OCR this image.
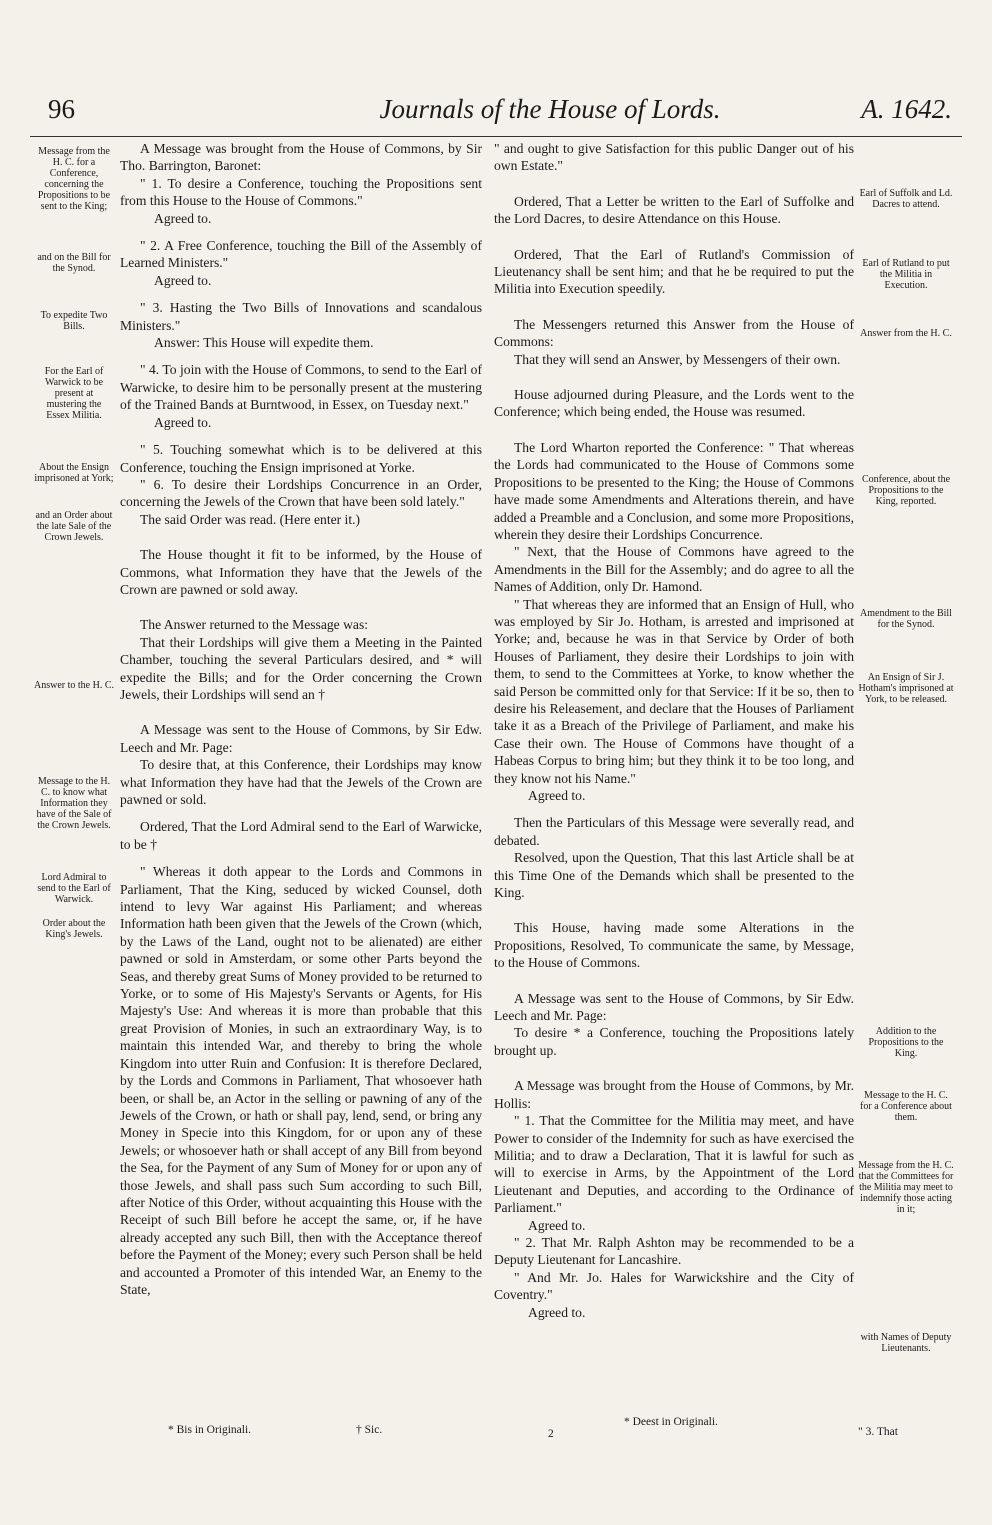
96	Journals of the House of Lords.	A. 1642.
Message from the H. C. for a Conference, concerning the Propositions to be sent to the King;
and on the Bill for the Synod.
To expedite Two Bills.
For the Earl of Warwick to be present at mustering the Essex Militia.
About the Ensign imprisoned at York;
and an Order about the late Sale of the Crown Jewels.
Answer to the H. C.
Message to the H. C. to know what Information they have of the Sale of the Crown Jewels.
Lord Admiral to send to the Earl of Warwick.
Order about the King's Jewels.

A Message was brought from the House of Commons, by Sir Tho. Barrington, Baronet:

" 1. To desire a Conference, touching the Propositions sent from this House to the House of Commons."

Agreed to.

" 2. A Free Conference, touching the Bill of the Assembly of Learned Ministers."

Agreed to.

" 3. Hasting the Two Bills of Innovations and scandalous Ministers."

Answer: This House will expedite them.

" 4. To join with the House of Commons, to send to the Earl of Warwicke, to desire him to be personally present at the mustering of the Trained Bands at Burntwood, in Essex, on Tuesday next."

Agreed to.

" 5. Touching somewhat which is to be delivered at this Conference, touching the Ensign imprisoned at Yorke.

" 6. To desire their Lordships Concurrence in an Order, concerning the Jewels of the Crown that have been sold lately."

The said Order was read. (Here enter it.)

The House thought it fit to be informed, by the House of Commons, what Information they have that the Jewels of the Crown are pawned or sold away.

The Answer returned to the Message was:

That their Lordships will give them a Meeting in the Painted Chamber, touching the several Particulars desired, and * will expedite the Bills; and for the Order concerning the Crown Jewels, their Lordships will send an †

A Message was sent to the House of Commons, by Sir Edw. Leech and Mr. Page:

To desire that, at this Conference, their Lordships may know what Information they have had that the Jewels of the Crown are pawned or sold.

Ordered, That the Lord Admiral send to the Earl of Warwicke, to be †

" Whereas it doth appear to the Lords and Commons in Parliament, That the King, seduced by wicked Counsel, doth intend to levy War against His Parliament; and whereas Information hath been given that the Jewels of the Crown (which, by the Laws of the Land, ought not to be alienated) are either pawned or sold in Amsterdam, or some other Parts beyond the Seas, and thereby great Sums of Money provided to be returned to Yorke, or to some of His Majesty's Servants or Agents, for His Majesty's Use: And whereas it is more than probable that this great Provision of Monies, in such an extraordinary Way, is to maintain this intended War, and thereby to bring the whole Kingdom into utter Ruin and Confusion: It is therefore Declared, by the Lords and Commons in Parliament, That whosoever hath been, or shall be, an Actor in the selling or pawning of any of the Jewels of the Crown, or hath or shall pay, lend, send, or bring any Money in Specie into this Kingdom, for or upon any of these Jewels; or whosoever hath or shall accept of any Bill from beyond the Sea, for the Payment of any Sum of Money for or upon any of those Jewels, and shall pass such Sum according to such Bill, after Notice of this Order, without acquainting this House with the Receipt of such Bill before he accept the same, or, if he have already accepted any such Bill, then with the Acceptance thereof before the Payment of the Money; every such Person shall be held and accounted a Promoter of this intended War, an Enemy to the State,

" and ought to give Satisfaction for this public Danger out of his own Estate."

Ordered, That a Letter be written to the Earl of Suffolke and the Lord Dacres, to desire Attendance on this House.

Ordered, That the Earl of Rutland's Commission of Lieutenancy shall be sent him; and that he be required to put the Militia into Execution speedily.

The Messengers returned this Answer from the House of Commons:

That they will send an Answer, by Messengers of their own.

House adjourned during Pleasure, and the Lords went to the Conference; which being ended, the House was resumed.

The Lord Wharton reported the Conference: " That whereas the Lords had communicated to the House of Commons some Propositions to be presented to the King; the House of Commons have made some Amendments and Alterations therein, and have added a Preamble and a Conclusion, and some more Propositions, wherein they desire their Lordships Concurrence.

" Next, that the House of Commons have agreed to the Amendments in the Bill for the Assembly; and do agree to all the Names of Addition, only Dr. Hamond.

" That whereas they are informed that an Ensign of Hull, who was employed by Sir Jo. Hotham, is arrested and imprisoned at Yorke; and, because he was in that Service by Order of both Houses of Parliament, they desire their Lordships to join with them, to send to the Committees at Yorke, to know whether the said Person be committed only for that Service: If it be so, then to desire his Releasement, and declare that the Houses of Parliament take it as a Breach of the Privilege of Parliament, and make his Case their own. The House of Commons have thought of a Habeas Corpus to bring him; but they think it to be too long, and they know not his Name."

Agreed to.

Then the Particulars of this Message were severally read, and debated.

Resolved, upon the Question, That this last Article shall be at this Time One of the Demands which shall be presented to the King.

This House, having made some Alterations in the Propositions, Resolved, To communicate the same, by Message, to the House of Commons.

A Message was sent to the House of Commons, by Sir Edw. Leech and Mr. Page:

To desire * a Conference, touching the Propositions lately brought up.

A Message was brought from the House of Commons, by Mr. Hollis:

" 1. That the Committee for the Militia may meet, and have Power to consider of the Indemnity for such as have exercised the Militia; and to draw a Declaration, That it is lawful for such as will to exercise in Arms, by the Appointment of the Lord Lieutenant and Deputies, and according to the Ordinance of Parliament."

Agreed to.

" 2. That Mr. Ralph Ashton may be recommended to be a Deputy Lieutenant for Lancashire.

" And Mr. Jo. Hales for Warwickshire and the City of Coventry."

Agreed to.

Earl of Suffolk and Ld. Dacres to attend.
Earl of Rutland to put the Militia in Execution.
Answer from the H. C.
Conference, about the Propositions to the King, reported.
Amendment to the Bill for the Synod.
An Ensign of Sir J. Hotham's imprisoned at York, to be released.
Addition to the Propositions to the King.
Message to the H. C. for a Conference about them.
Message from the H. C. that the Committees for the Militia may meet to indemnify those acting in it;
with Names of Deputy Lieutenants.
* Bis in Originali.	† Sic.
* Deest in Originali.
2	" 3. That
